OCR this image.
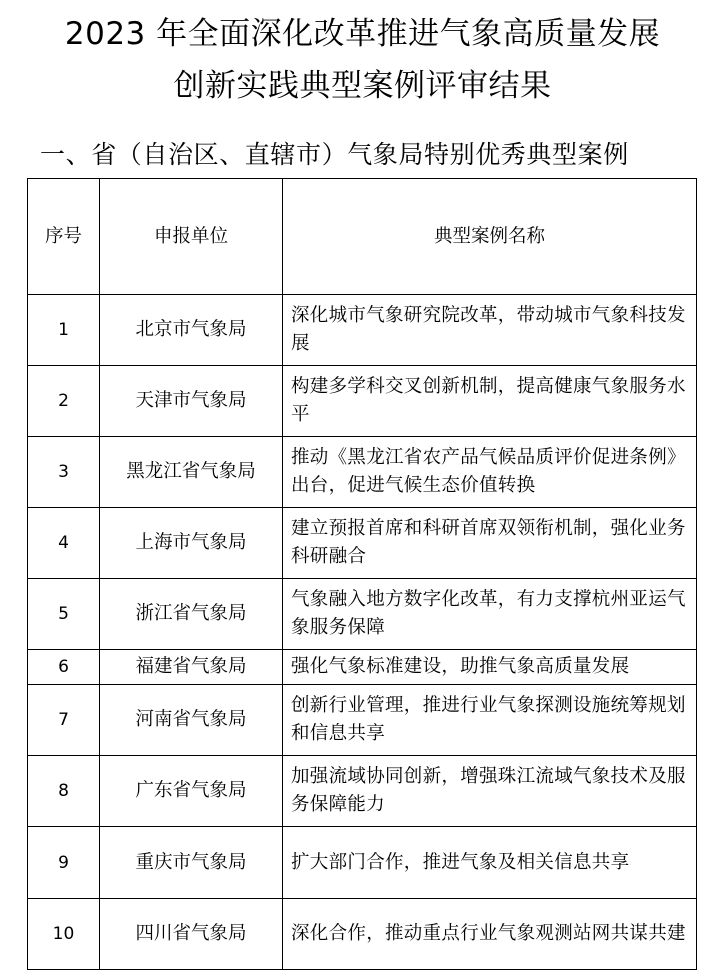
2023 年全面深化改革推进气象高质量发展
创新实践典型案例评审结果
一、省（自治区、直辖市）气象局特别优秀典型案例
序号	申报单位	典型案例名称
1	北京市气象局	深化城市气象研究院改革，带动城市气象科技发展
2	天津市气象局	构建多学科交叉创新机制，提高健康气象服务水平
3	黑龙江省气象局	推动《黑龙江省农产品气候品质评价促进条例》出台，促进气候生态价值转换
4	上海市气象局	建立预报首席和科研首席双领衔机制，强化业务科研融合
5	浙江省气象局	气象融入地方数字化改革，有力支撑杭州亚运气象服务保障
6	福建省气象局	强化气象标准建设，助推气象高质量发展
7	河南省气象局	创新行业管理，推进行业气象探测设施统筹规划和信息共享
8	广东省气象局	加强流域协同创新，增强珠江流域气象技术及服务保障能力
9	重庆市气象局	扩大部门合作，推进气象及相关信息共享
10	四川省气象局	深化合作，推动重点行业气象观测站网共谋共建
